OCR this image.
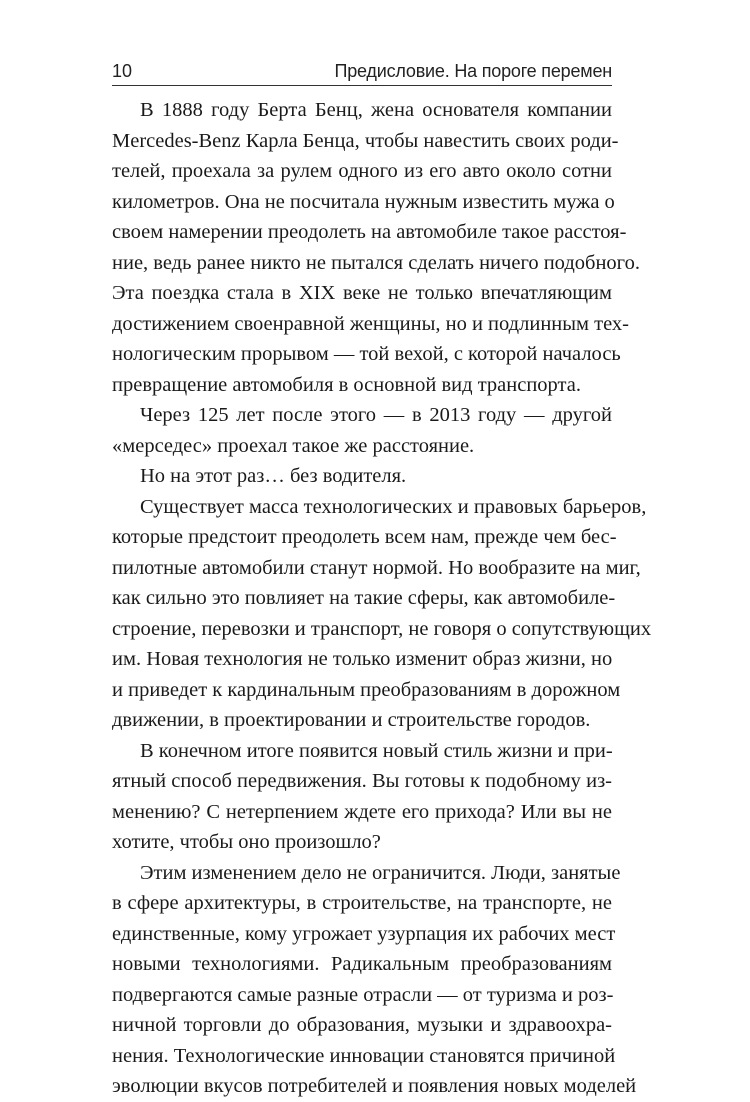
10	Предисловие. На пороге перемен
В 1888 году Берта Бенц, жена основателя компании
Mercedes-Benz Карла Бенца, чтобы навестить своих роди-
телей, проехала за рулем одного из его авто около сотни
километров. Она не посчитала нужным известить мужа о
своем намерении преодолеть на автомобиле такое расстоя-
ние, ведь ранее никто не пытался сделать ничего подобного.
Эта поездка стала в XIX веке не только впечатляющим
достижением своенравной женщины, но и подлинным тех-
нологическим прорывом — той вехой, с которой началось
превращение автомобиля в основной вид транспорта.
Через 125 лет после этого — в 2013 году — другой
«мерседес» проехал такое же расстояние.
Но на этот раз… без водителя.
Существует масса технологических и правовых барьеров,
которые предстоит преодолеть всем нам, прежде чем бес-
пилотные автомобили станут нормой. Но вообразите на миг,
как сильно это повлияет на такие сферы, как автомобиле-
строение, перевозки и транспорт, не говоря о сопутствующих
им. Новая технология не только изменит образ жизни, но
и приведет к кардинальным преобразованиям в дорожном
движении, в проектировании и строительстве городов.
В конечном итоге появится новый стиль жизни и при-
ятный способ передвижения. Вы готовы к подобному из-
менению? С нетерпением ждете его прихода? Или вы не
хотите, чтобы оно произошло?
Этим изменением дело не ограничится. Люди, занятые
в сфере архитектуры, в строительстве, на транспорте, не
единственные, кому угрожает узурпация их рабочих мест
новыми технологиями. Радикальным преобразованиям
подвергаются самые разные отрасли — от туризма и роз-
ничной торговли до образования, музыки и здравоохра-
нения. Технологические инновации становятся причиной
эволюции вкусов потребителей и появления новых моделей
